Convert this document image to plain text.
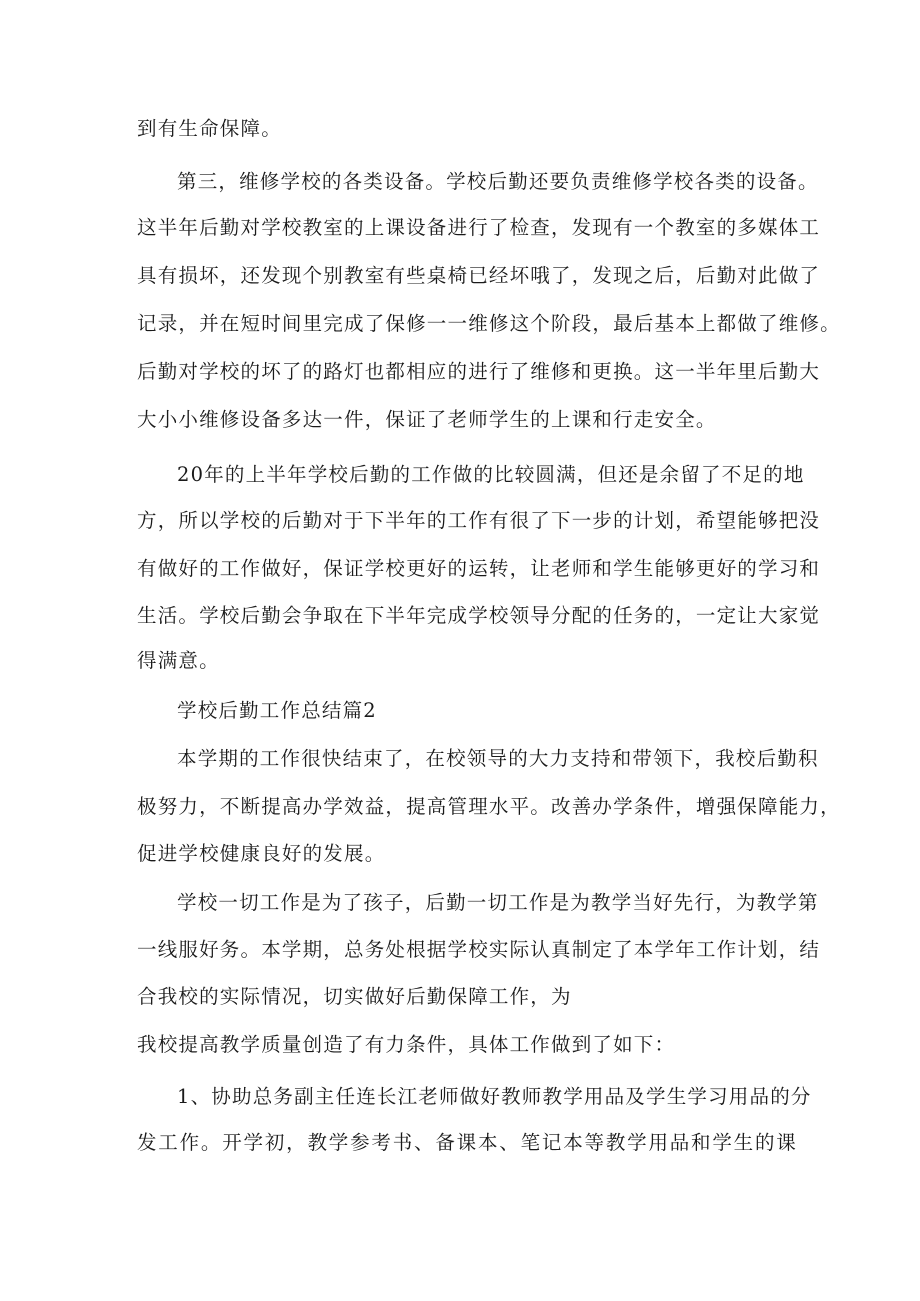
到有生命保障。
第三，维修学校的各类设备。学校后勤还要负责维修学校各类的设备。
这半年后勤对学校教室的上课设备进行了检查，发现有一个教室的多媒体工
具有损坏，还发现个别教室有些桌椅已经坏哦了，发现之后，后勤对此做了
记录，并在短时间里完成了保修一一维修这个阶段，最后基本上都做了维修。
后勤对学校的坏了的路灯也都相应的进行了维修和更换。这一半年里后勤大
大小小维修设备多达一件，保证了老师学生的上课和行走安全。
20年的上半年学校后勤的工作做的比较圆满，但还是余留了不足的地
方，所以学校的后勤对于下半年的工作有很了下一步的计划，希望能够把没
有做好的工作做好，保证学校更好的运转，让老师和学生能够更好的学习和
生活。学校后勤会争取在下半年完成学校领导分配的任务的，一定让大家觉
得满意。
学校后勤工作总结篇2
本学期的工作很快结束了，在校领导的大力支持和带领下，我校后勤积
极努力，不断提高办学效益，提高管理水平。改善办学条件，增强保障能力，
促进学校健康良好的发展。
学校一切工作是为了孩子，后勤一切工作是为教学当好先行，为教学第
一线服好务。本学期，总务处根据学校实际认真制定了本学年工作计划，结
合我校的实际情况，切实做好后勤保障工作，为
我校提高教学质量创造了有力条件，具体工作做到了如下：
1、协助总务副主任连长江老师做好教师教学用品及学生学习用品的分
发工作。开学初，教学参考书、备课本、笔记本等教学用品和学生的课
